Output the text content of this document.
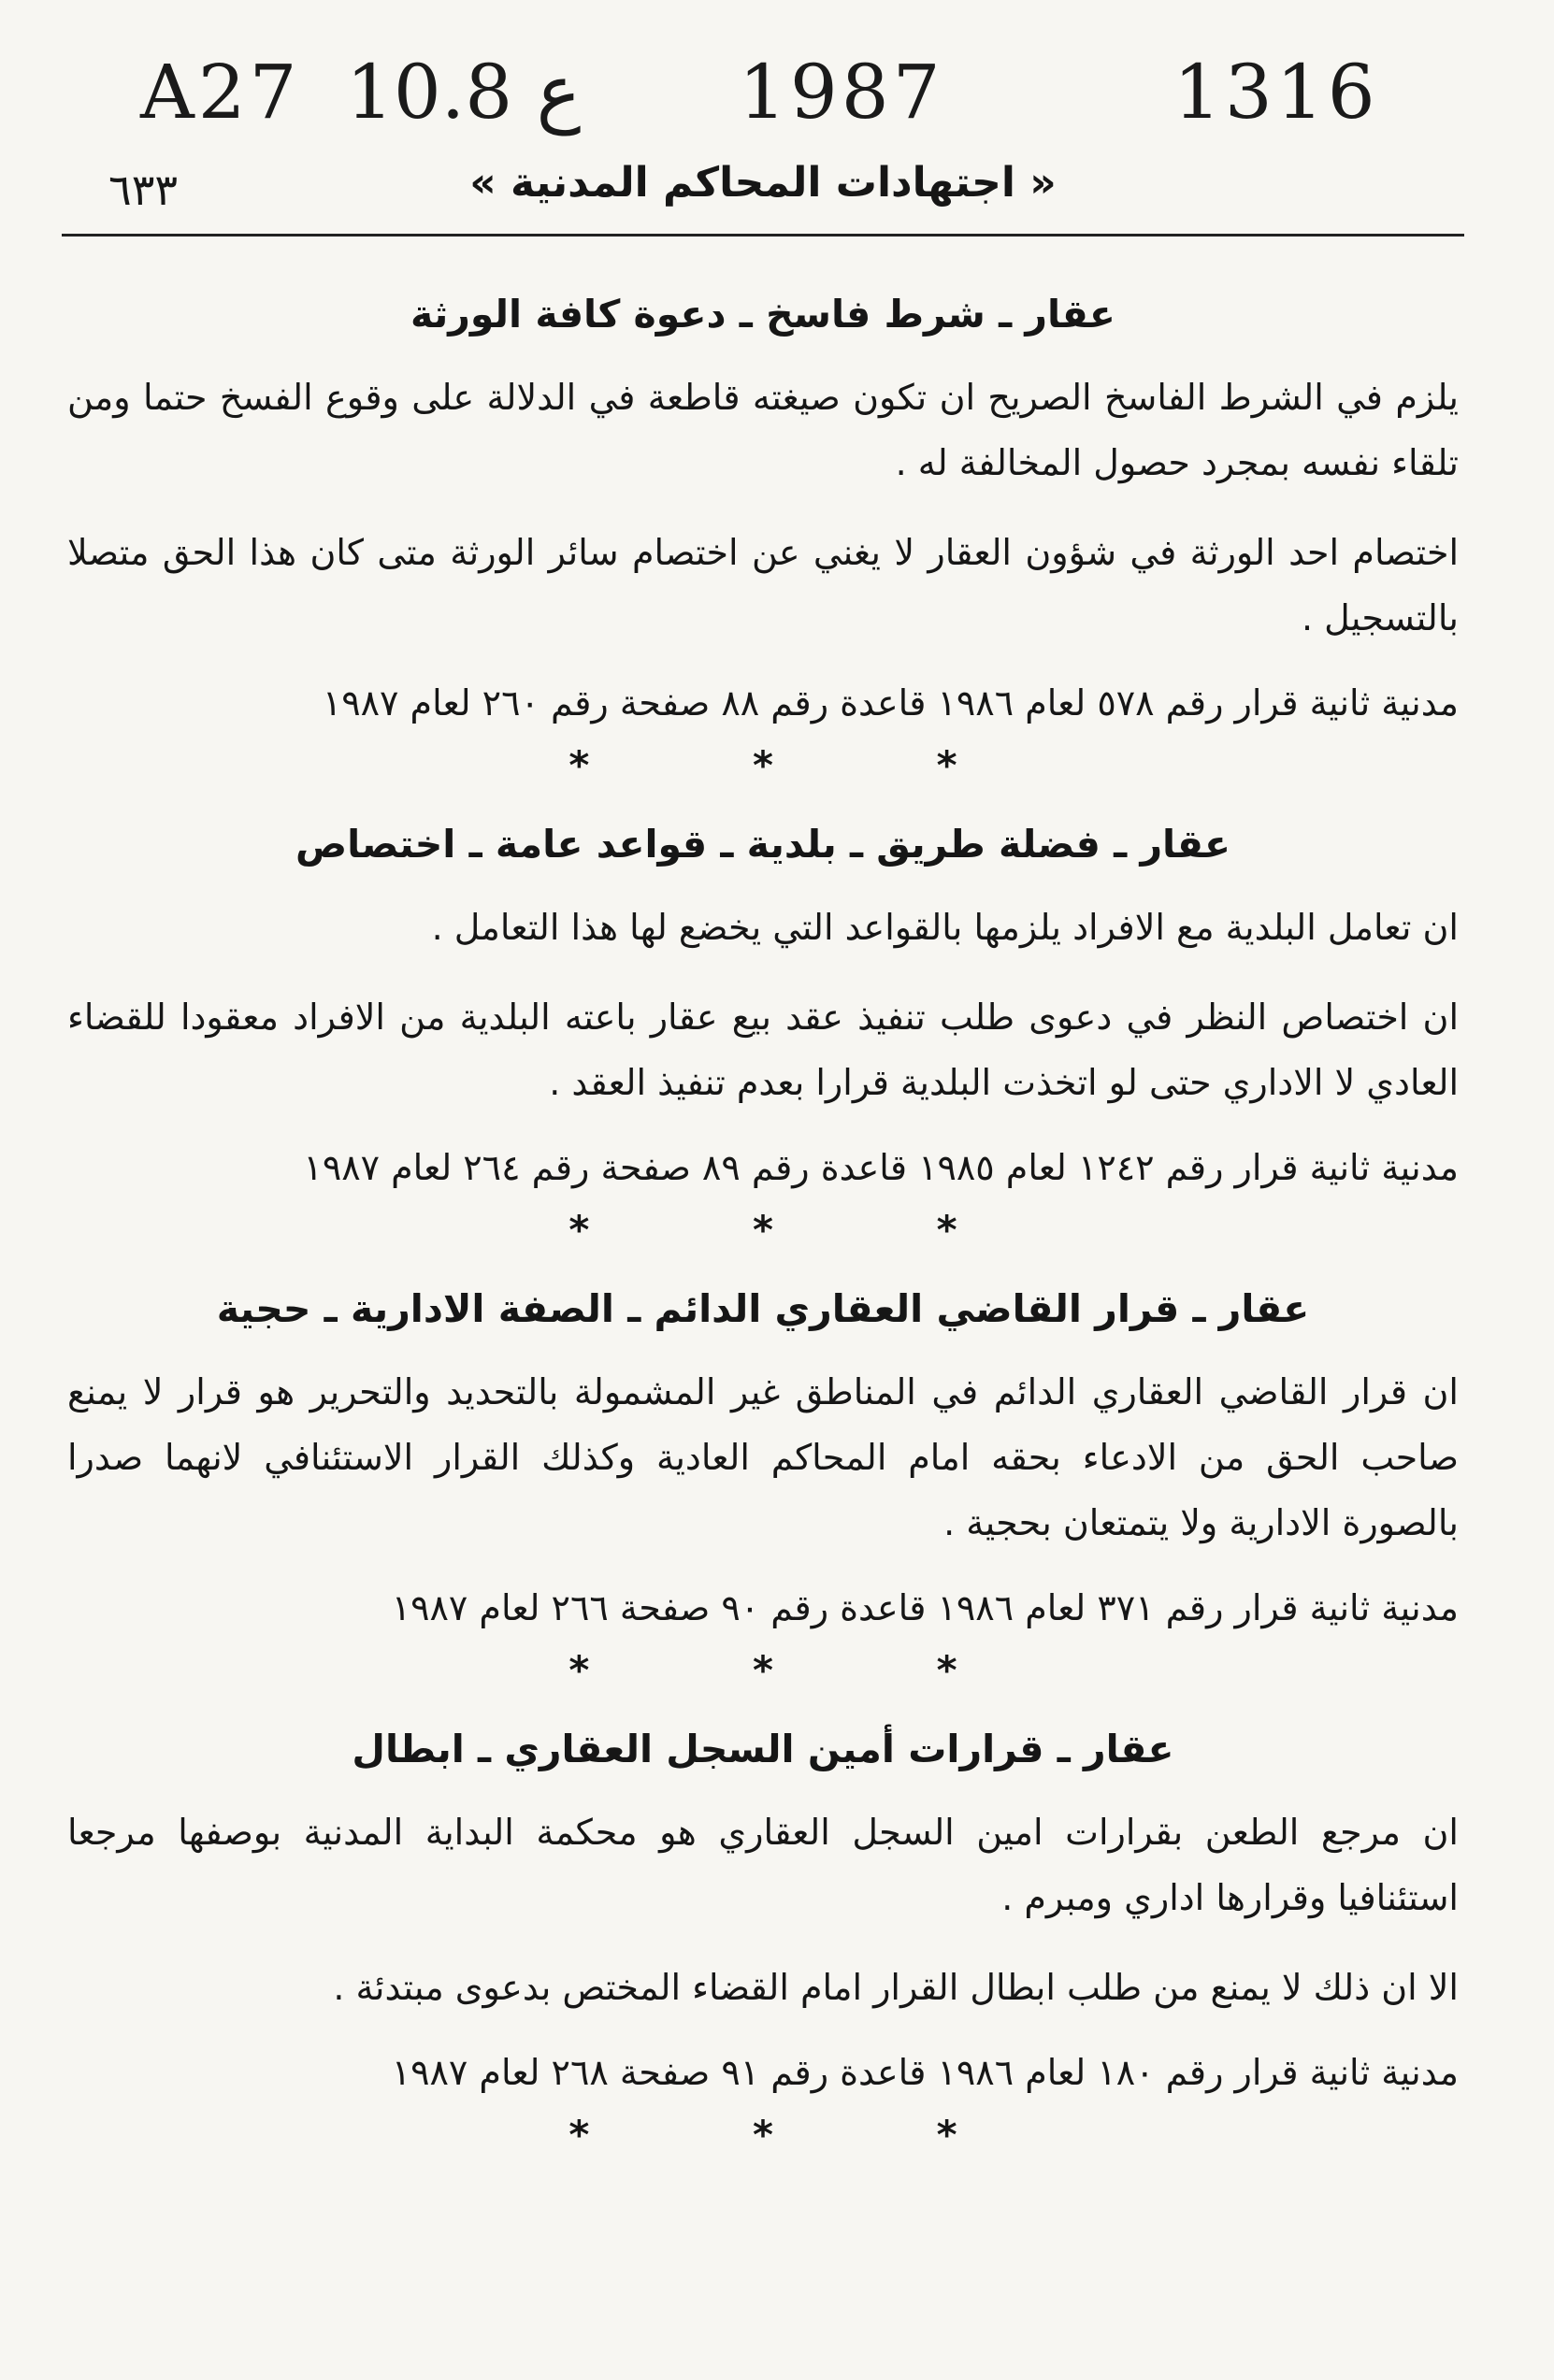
A27 10.8 ع 1987	1316
٦٣٣	« اجتهادات المحاكم المدنية »
عقار ـ شرط فاسخ ـ دعوة كافة الورثة

يلزم في الشرط الفاسخ الصريح ان تكون صيغته قاطعة في الدلالة على وقوع الفسخ حتما ومن تلقاء نفسه بمجرد حصول المخالفة له .

اختصام احد الورثة في شؤون العقار لا يغني عن اختصام سائر الورثة متى كان هذا الحق متصلا بالتسجيل .

مدنية ثانية قرار رقم ٥٧٨ لعام ١٩٨٦ قاعدة رقم ٨٨ صفحة رقم ٢٦٠ لعام ١٩٨٧
* * *
عقار ـ فضلة طريق ـ بلدية ـ قواعد عامة ـ اختصاص

ان تعامل البلدية مع الافراد يلزمها بالقواعد التي يخضع لها هذا التعامل .

ان اختصاص النظر في دعوى طلب تنفيذ عقد بيع عقار باعته البلدية من الافراد معقودا للقضاء العادي لا الاداري حتى لو اتخذت البلدية قرارا بعدم تنفيذ العقد .

مدنية ثانية قرار رقم ١٢٤٢ لعام ١٩٨٥ قاعدة رقم ٨٩ صفحة رقم ٢٦٤ لعام ١٩٨٧
* * *
عقار ـ قرار القاضي العقاري الدائم ـ الصفة الادارية ـ حجية

ان قرار القاضي العقاري الدائم في المناطق غير المشمولة بالتحديد والتحرير هو قرار لا يمنع صاحب الحق من الادعاء بحقه امام المحاكم العادية وكذلك القرار الاستئنافي لانهما صدرا بالصورة الادارية ولا يتمتعان بحجية .

مدنية ثانية قرار رقم ٣٧١ لعام ١٩٨٦ قاعدة رقم ٩٠ صفحة ٢٦٦ لعام ١٩٨٧
* * *
عقار ـ قرارات أمين السجل العقاري ـ ابطال

ان مرجع الطعن بقرارات امين السجل العقاري هو محكمة البداية المدنية بوصفها مرجعا استئنافيا وقرارها اداري ومبرم .

الا ان ذلك لا يمنع من طلب ابطال القرار امام القضاء المختص بدعوى مبتدئة .

مدنية ثانية قرار رقم ١٨٠ لعام ١٩٨٦ قاعدة رقم ٩١ صفحة ٢٦٨ لعام ١٩٨٧
* * *
